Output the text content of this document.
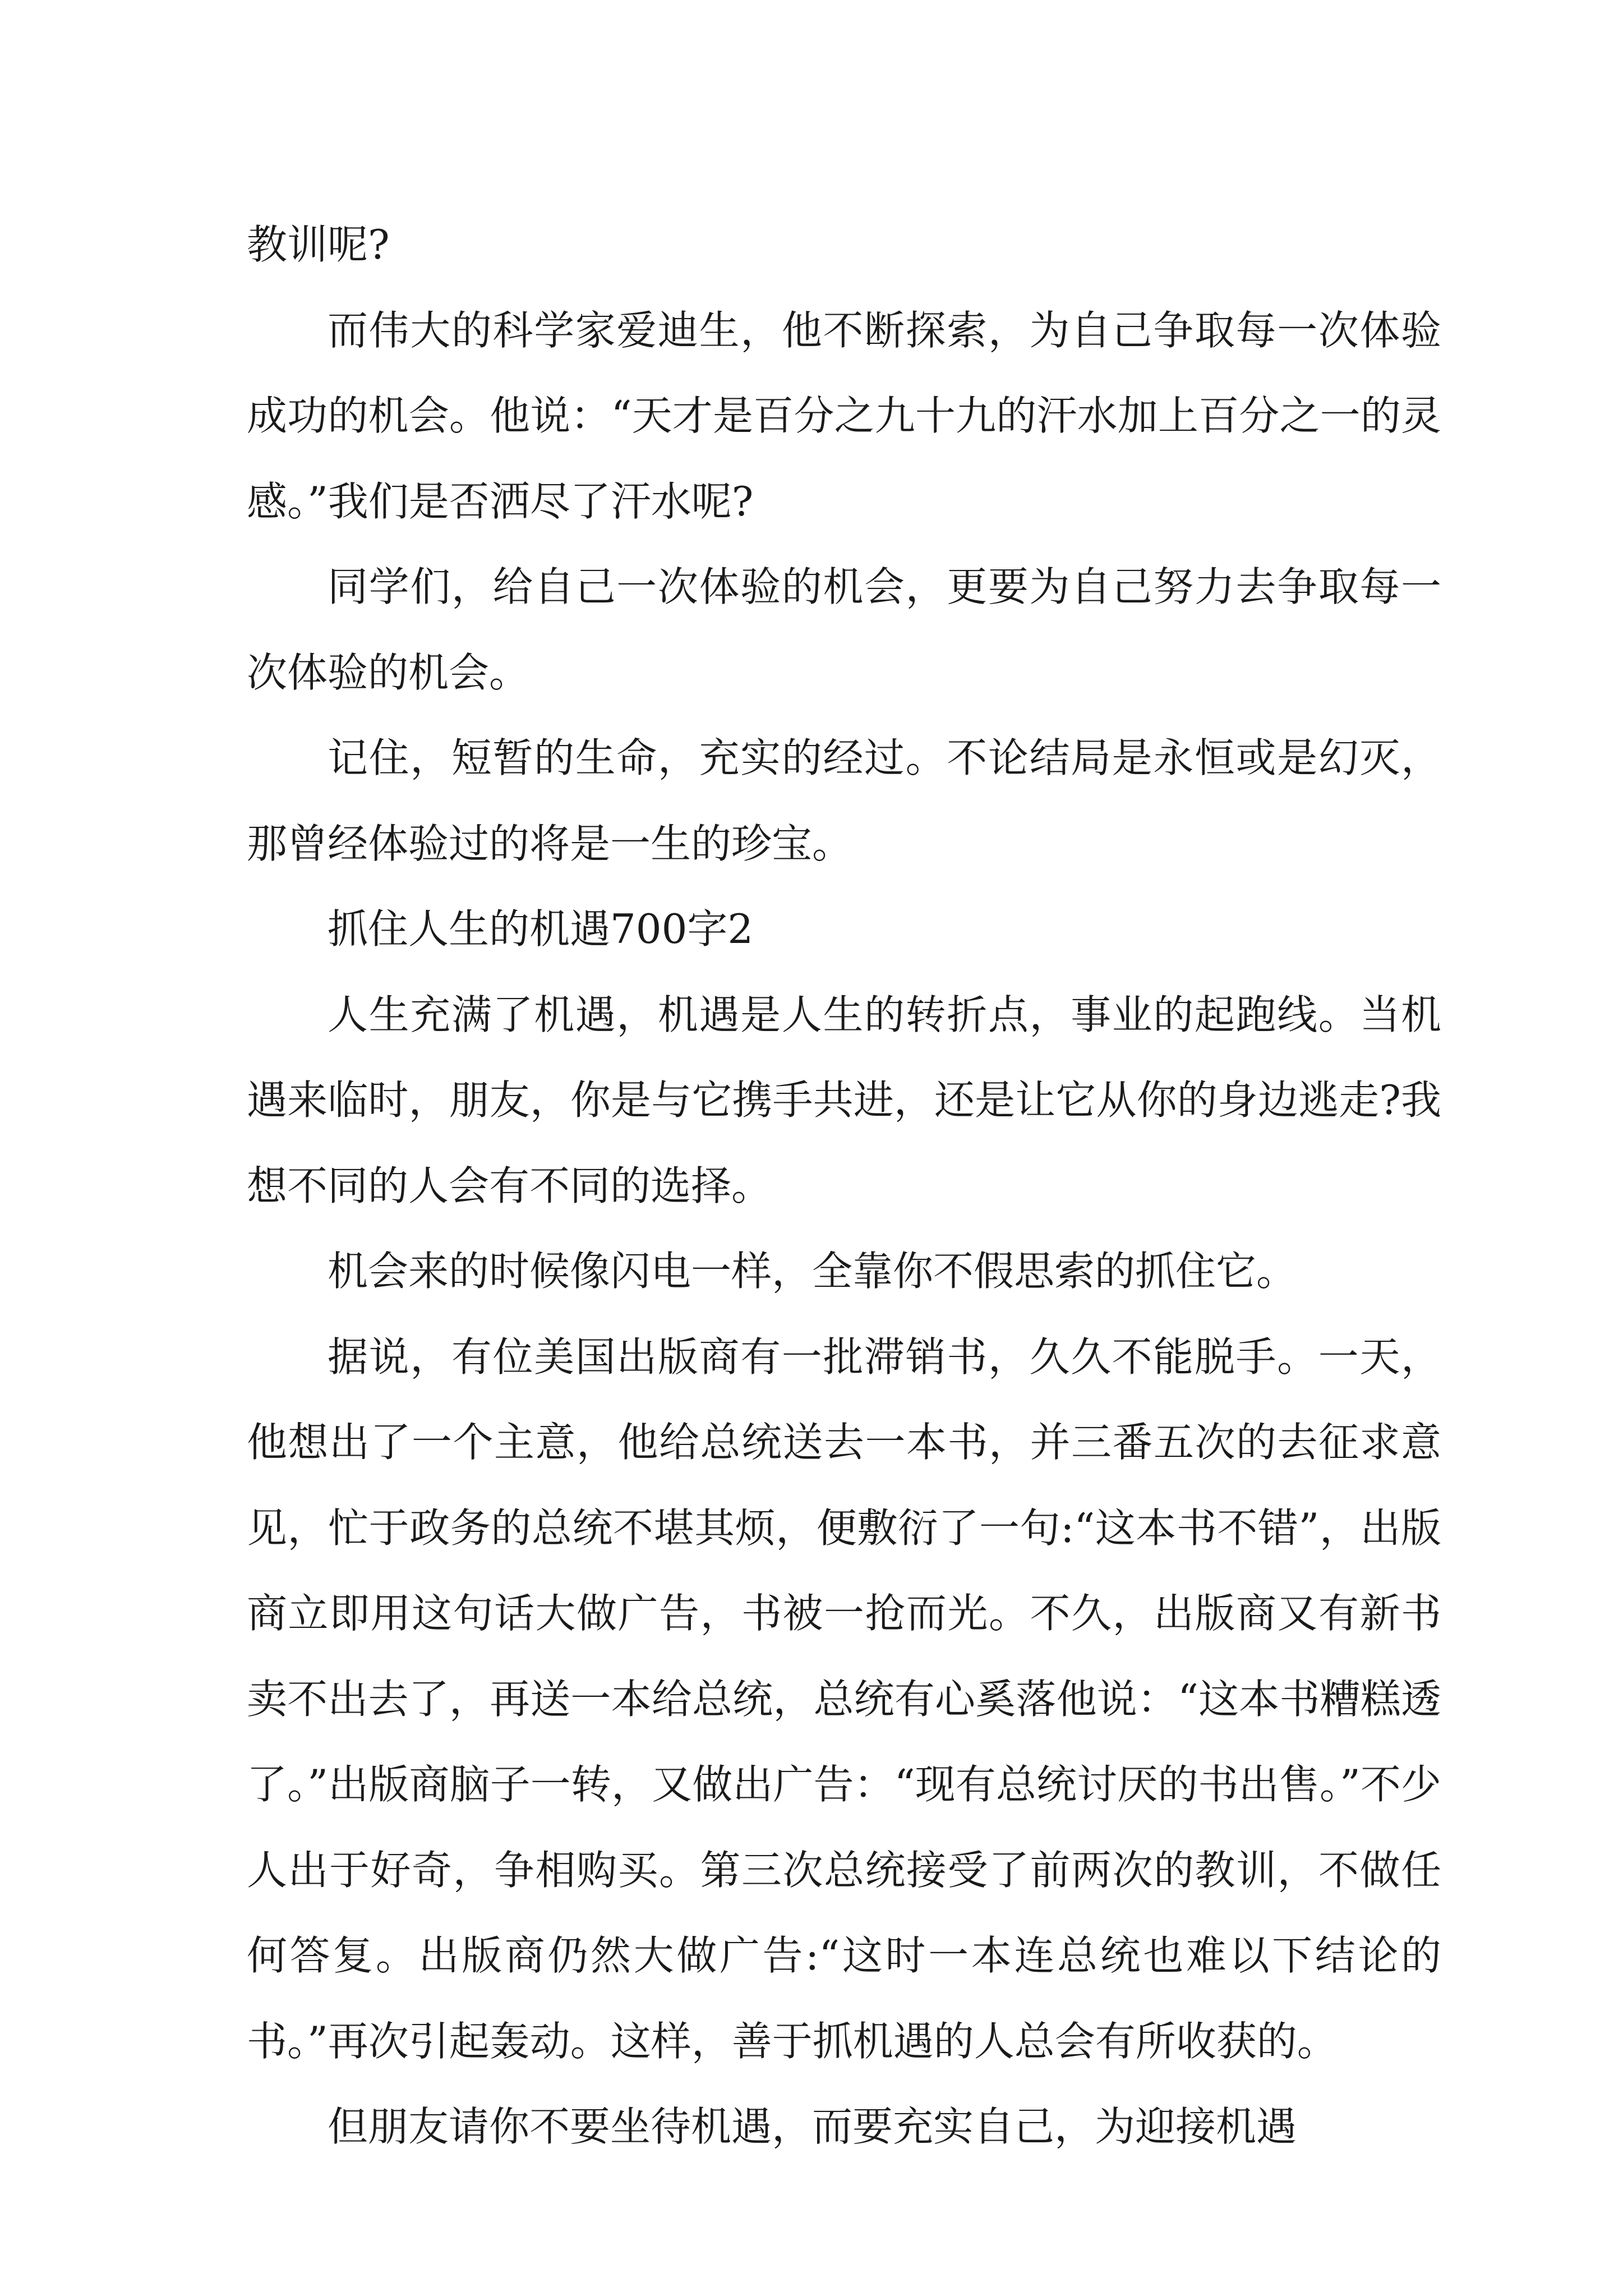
教训呢?

而伟大的科学家爱迪生，他不断探索，为自己争取每一次体验成功的机会。他说：“天才是百分之九十九的汗水加上百分之一的灵感。”我们是否洒尽了汗水呢?

同学们，给自己一次体验的机会，更要为自己努力去争取每一次体验的机会。

记住，短暂的生命，充实的经过。不论结局是永恒或是幻灭，那曾经体验过的将是一生的珍宝。

抓住人生的机遇700字2

人生充满了机遇，机遇是人生的转折点，事业的起跑线。当机遇来临时，朋友，你是与它携手共进，还是让它从你的身边逃走?我想不同的人会有不同的选择。

机会来的时候像闪电一样，全靠你不假思索的抓住它。

据说，有位美国出版商有一批滞销书，久久不能脱手。一天，他想出了一个主意，他给总统送去一本书，并三番五次的去征求意见，忙于政务的总统不堪其烦，便敷衍了一句:“这本书不错”，出版商立即用这句话大做广告，书被一抢而光。不久，出版商又有新书卖不出去了，再送一本给总统，总统有心奚落他说：“这本书糟糕透了。”出版商脑子一转，又做出广告：“现有总统讨厌的书出售。”不少人出于好奇，争相购买。第三次总统接受了前两次的教训，不做任何答复。出版商仍然大做广告:“这时一本连总统也难以下结论的书。”再次引起轰动。这样，善于抓机遇的人总会有所收获的。

但朋友请你不要坐待机遇，而要充实自己，为迎接机遇
